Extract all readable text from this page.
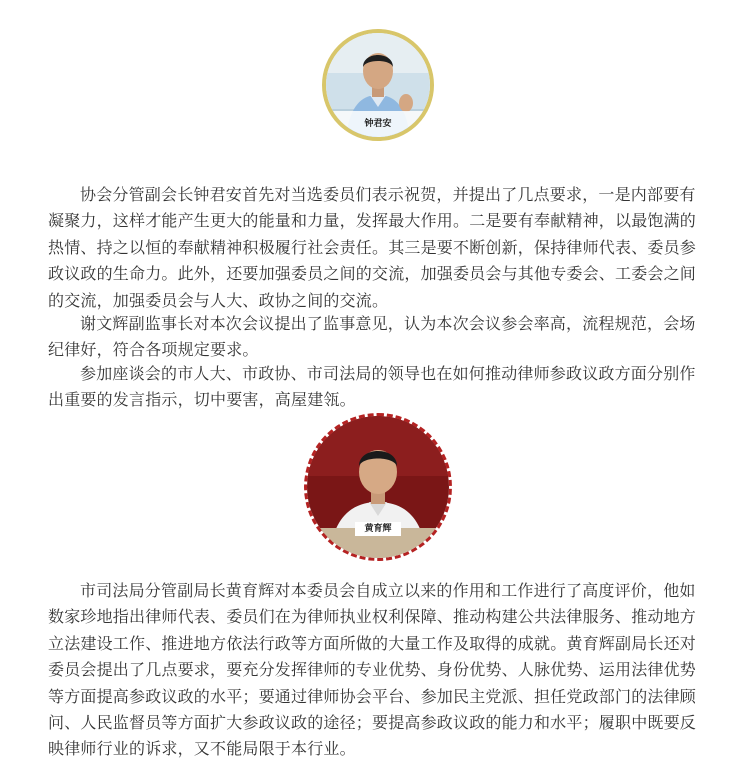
钟君安

协会分管副会长钟君安首先对当选委员们表示祝贺，并提出了几点要求，一是内部要有凝聚力，这样才能产生更大的能量和力量，发挥最大作用。二是要有奉献精神，以最饱满的热情、持之以恒的奉献精神积极履行社会责任。其三是要不断创新，保持律师代表、委员参政议政的生命力。此外，还要加强委员之间的交流，加强委员会与其他专委会、工委会之间的交流，加强委员会与人大、政协之间的交流。

谢文辉副监事长对本次会议提出了监事意见，认为本次会议参会率高，流程规范，会场纪律好，符合各项规定要求。

参加座谈会的市人大、市政协、市司法局的领导也在如何推动律师参政议政方面分别作出重要的发言指示，切中要害，高屋建瓴。

黄育辉

市司法局分管副局长黄育辉对本委员会自成立以来的作用和工作进行了高度评价，他如数家珍地指出律师代表、委员们在为律师执业权利保障、推动构建公共法律服务、推动地方立法建设工作、推进地方依法行政等方面所做的大量工作及取得的成就。黄育辉副局长还对委员会提出了几点要求，要充分发挥律师的专业优势、身份优势、人脉优势、运用法律优势等方面提高参政议政的水平；要通过律师协会平台、参加民主党派、担任党政部门的法律顾问、人民监督员等方面扩大参政议政的途径；要提高参政议政的能力和水平；履职中既要反映律师行业的诉求，又不能局限于本行业。
